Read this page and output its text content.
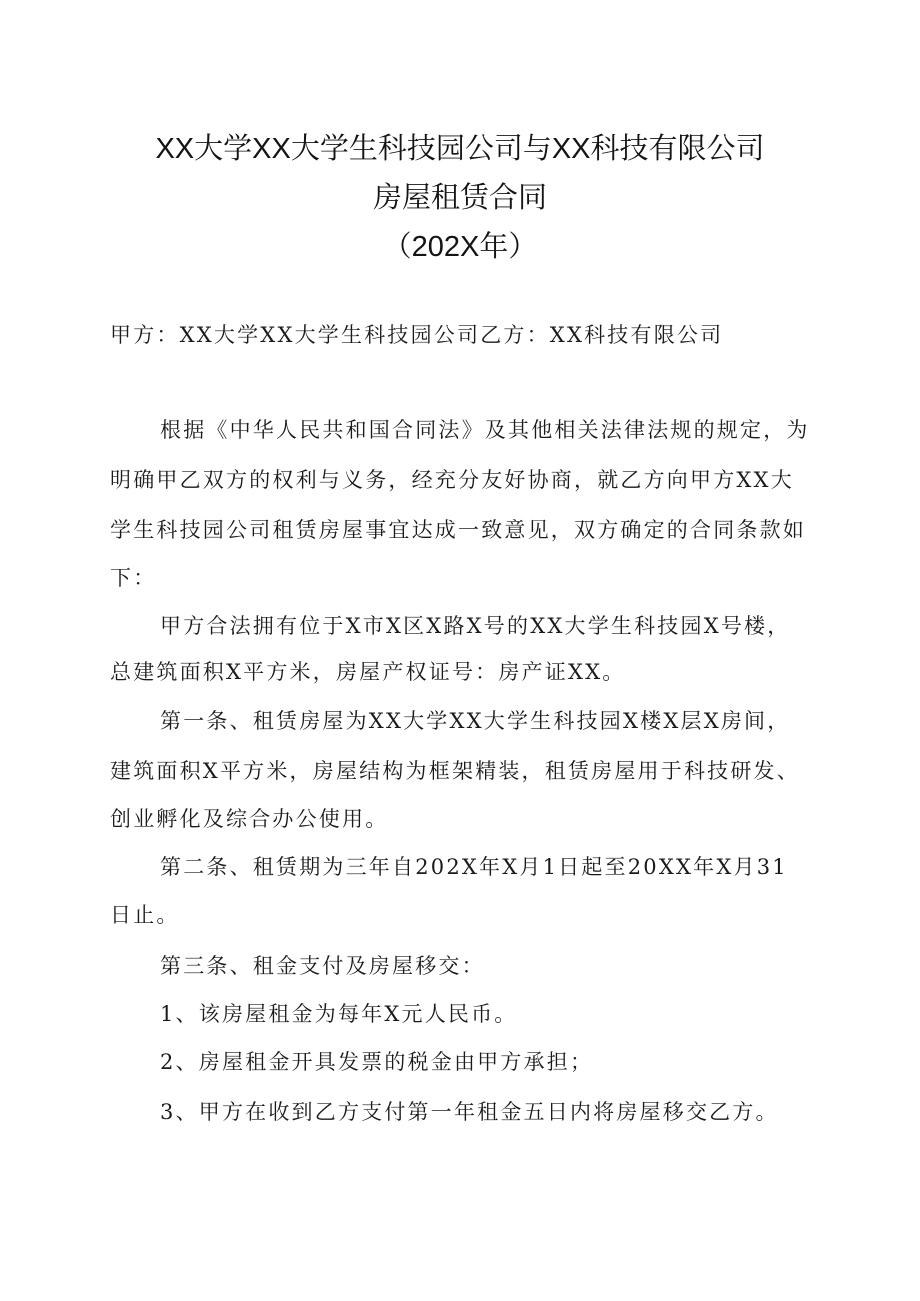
XX大学XX大学生科技园公司与XX科技有限公司
房屋租赁合同
（202X年）
甲方：XX大学XX大学生科技园公司乙方：XX科技有限公司
根据《中华人民共和国合同法》及其他相关法律法规的规定，为
明确甲乙双方的权利与义务，经充分友好协商，就乙方向甲方XX大
学生科技园公司租赁房屋事宜达成一致意见，双方确定的合同条款如
下：
甲方合法拥有位于X市X区X路X号的XX大学生科技园X号楼，
总建筑面积X平方米，房屋产权证号：房产证XX。
第一条、租赁房屋为XX大学XX大学生科技园X楼X层X房间，
建筑面积X平方米，房屋结构为框架精装，租赁房屋用于科技研发、
创业孵化及综合办公使用。
第二条、租赁期为三年自202X年X月1日起至20XX年X月31
日止。
第三条、租金支付及房屋移交：
1、该房屋租金为每年X元人民币。
2、房屋租金开具发票的税金由甲方承担；
3、甲方在收到乙方支付第一年租金五日内将房屋移交乙方。
